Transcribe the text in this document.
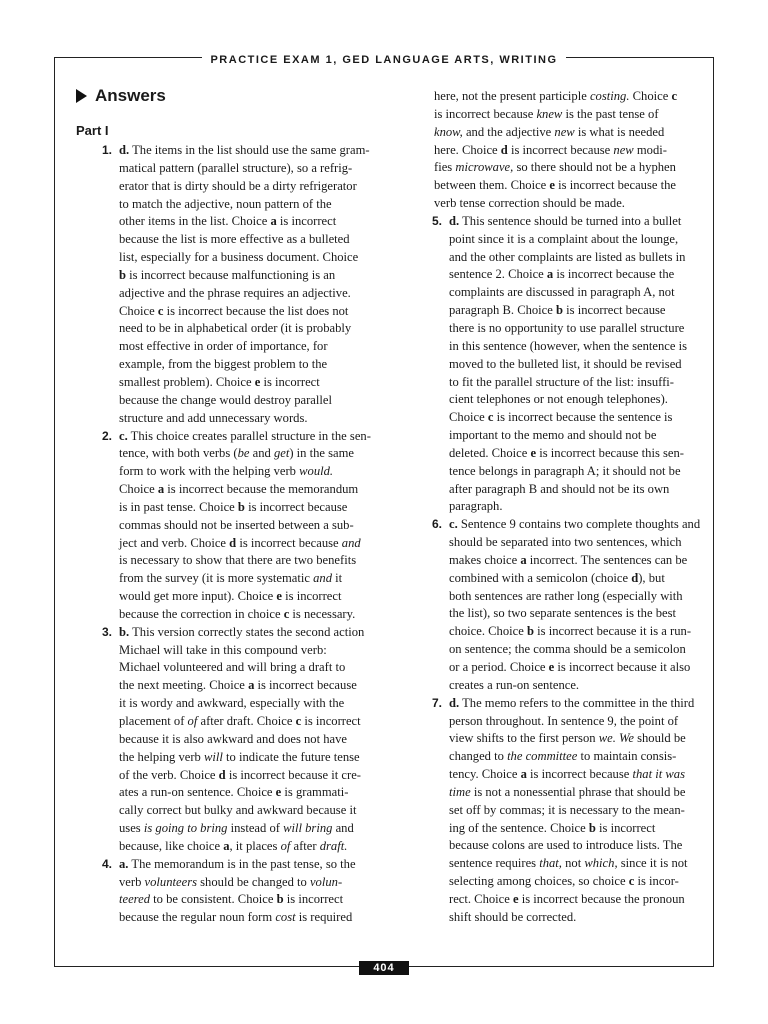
PRACTICE EXAM 1, GED LANGUAGE ARTS, WRITING
Answers
Part I
1. d. The items in the list should use the same gram-
matical pattern (parallel structure), so a refrig-
erator that is dirty should be a dirty refrigerator
to match the adjective, noun pattern of the
other items in the list. Choice a is incorrect
because the list is more effective as a bulleted
list, especially for a business document. Choice
b is incorrect because malfunctioning is an
adjective and the phrase requires an adjective.
Choice c is incorrect because the list does not
need to be in alphabetical order (it is probably
most effective in order of importance, for
example, from the biggest problem to the
smallest problem). Choice e is incorrect
because the change would destroy parallel
structure and add unnecessary words.
2. c. This choice creates parallel structure in the sen-
tence, with both verbs (be and get) in the same
form to work with the helping verb would.
Choice a is incorrect because the memorandum
is in past tense. Choice b is incorrect because
commas should not be inserted between a sub-
ject and verb. Choice d is incorrect because and
is necessary to show that there are two benefits
from the survey (it is more systematic and it
would get more input). Choice e is incorrect
because the correction in choice c is necessary.
3. b. This version correctly states the second action
Michael will take in this compound verb:
Michael volunteered and will bring a draft to
the next meeting. Choice a is incorrect because
it is wordy and awkward, especially with the
placement of of after draft. Choice c is incorrect
because it is also awkward and does not have
the helping verb will to indicate the future tense
of the verb. Choice d is incorrect because it cre-
ates a run-on sentence. Choice e is grammati-
cally correct but bulky and awkward because it
uses is going to bring instead of will bring and
because, like choice a, it places of after draft.
4. a. The memorandum is in the past tense, so the
verb volunteers should be changed to volun-
teered to be consistent. Choice b is incorrect
because the regular noun form cost is required
here, not the present participle costing. Choice c
is incorrect because knew is the past tense of
know, and the adjective new is what is needed
here. Choice d is incorrect because new modi-
fies microwave, so there should not be a hyphen
between them. Choice e is incorrect because the
verb tense correction should be made.
5. d. This sentence should be turned into a bullet
point since it is a complaint about the lounge,
and the other complaints are listed as bullets in
sentence 2. Choice a is incorrect because the
complaints are discussed in paragraph A, not
paragraph B. Choice b is incorrect because
there is no opportunity to use parallel structure
in this sentence (however, when the sentence is
moved to the bulleted list, it should be revised
to fit the parallel structure of the list: insuffi-
cient telephones or not enough telephones).
Choice c is incorrect because the sentence is
important to the memo and should not be
deleted. Choice e is incorrect because this sen-
tence belongs in paragraph A; it should not be
after paragraph B and should not be its own
paragraph.
6. c. Sentence 9 contains two complete thoughts and
should be separated into two sentences, which
makes choice a incorrect. The sentences can be
combined with a semicolon (choice d), but
both sentences are rather long (especially with
the list), so two separate sentences is the best
choice. Choice b is incorrect because it is a run-
on sentence; the comma should be a semicolon
or a period. Choice e is incorrect because it also
creates a run-on sentence.
7. d. The memo refers to the committee in the third
person throughout. In sentence 9, the point of
view shifts to the first person we. We should be
changed to the committee to maintain consis-
tency. Choice a is incorrect because that it was
time is not a nonessential phrase that should be
set off by commas; it is necessary to the mean-
ing of the sentence. Choice b is incorrect
because colons are used to introduce lists. The
sentence requires that, not which, since it is not
selecting among choices, so choice c is incor-
rect. Choice e is incorrect because the pronoun
shift should be corrected.
404
